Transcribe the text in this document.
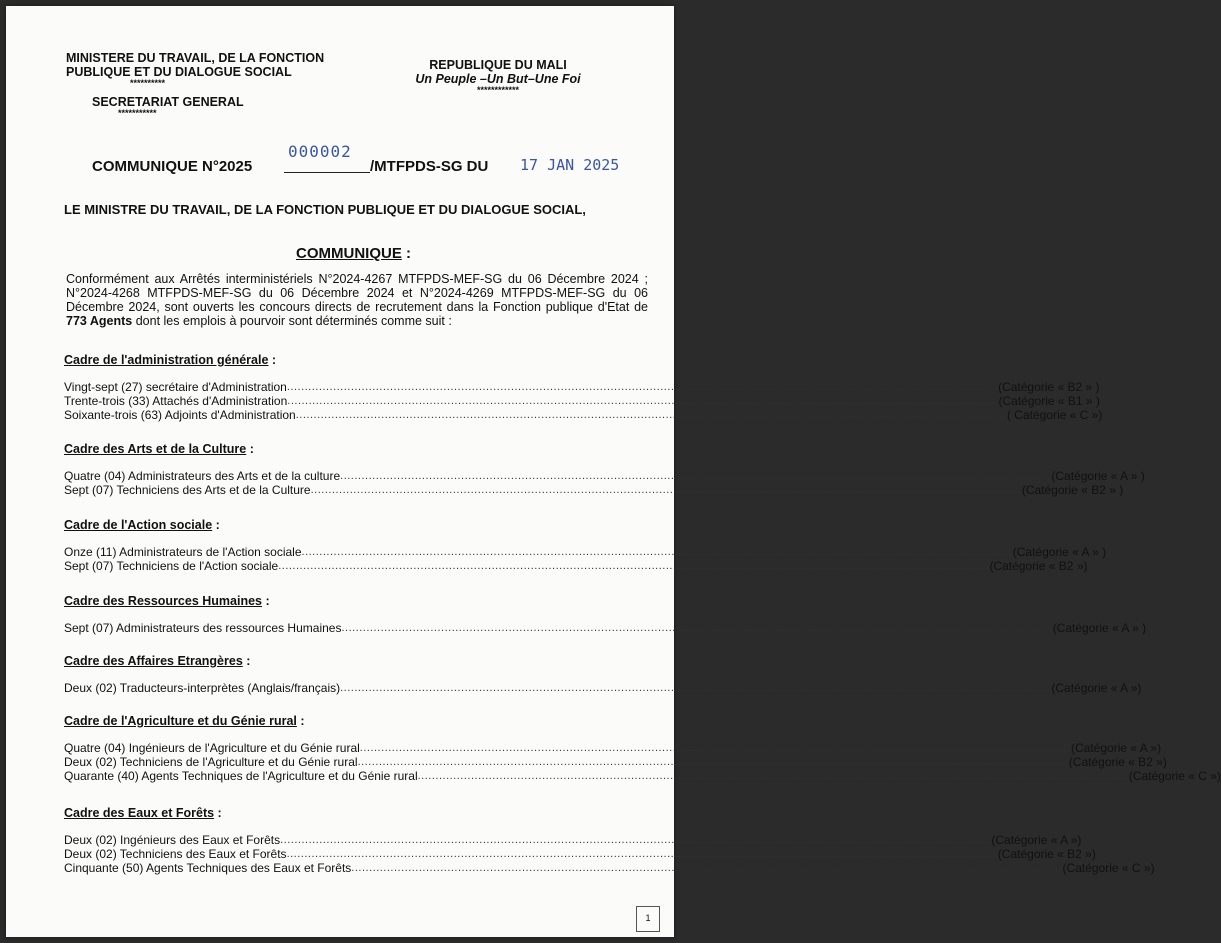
MINISTERE DU TRAVAIL, DE LA FONCTION
PUBLIQUE ET DU DIALOGUE SOCIAL
**********
SECRETARIAT GENERAL
***********
REPUBLIQUE DU MALI
Un Peuple –Un But–Une Foi
************
COMMUNIQUE N°2025
000002
/MTFPDS-SG DU 17 JAN 2025
LE MINISTRE DU TRAVAIL, DE LA FONCTION PUBLIQUE ET DU DIALOGUE SOCIAL,
COMMUNIQUE :
Conformément aux Arrêtés interministériels N°2024-4267 MTFPDS-MEF-SG du 06 Décembre 2024 ; N°2024-4268 MTFPDS-MEF-SG du 06 Décembre 2024 et N°2024-4269 MTFPDS-MEF-SG du 06 Décembre 2024, sont ouverts les concours directs de recrutement dans la Fonction publique d'Etat de 773 Agents dont les emplois à pourvoir sont déterminés comme suit :
Cadre de l'administration générale :
Vingt-sept (27) secrétaire d'Administration ........................................................................................................................................................................................................ (Catégorie « B2 » )
Trente-trois (33) Attachés d'Administration ........................................................................................................................................................................................................ (Catégorie « B1 » )
Soixante-trois (63) Adjoints d'Administration ........................................................................................................................................................................................................ ( Catégorie « C »)
Cadre des Arts et de la Culture :
Quatre (04) Administrateurs des Arts et de la culture ........................................................................................................................................................................................................ (Catégorie « A » )
Sept (07) Techniciens des Arts et de la Culture ........................................................................................................................................................................................................ (Catégorie « B2 » )
Cadre de l'Action sociale :
Onze (11) Administrateurs de l'Action sociale ........................................................................................................................................................................................................ (Catégorie « A » )
Sept (07) Techniciens de l'Action sociale ........................................................................................................................................................................................................ (Catégorie « B2 »)
Cadre des Ressources Humaines :
Sept (07) Administrateurs des ressources Humaines ........................................................................................................................................................................................................ (Catégorie « A » )
Cadre des Affaires Etrangères :
Deux (02) Traducteurs-interprètes (Anglais/français) ........................................................................................................................................................................................................ (Catégorie « A »)
Cadre de l'Agriculture et du Génie rural :
Quatre (04) Ingénieurs de l'Agriculture et du Génie rural ........................................................................................................................................................................................................ (Catégorie « A »)
Deux (02) Techniciens de l'Agriculture et du Génie rural ........................................................................................................................................................................................................ (Catégorie « B2 »)
Quarante (40) Agents Techniques de l'Agriculture et du Génie rural ........................................................................................................................................................................................................ (Catégorie « C »)
Cadre des Eaux et Forêts :
Deux (02) Ingénieurs des Eaux et Forêts ........................................................................................................................................................................................................ (Catégorie « A »)
Deux (02) Techniciens des Eaux et Forêts ........................................................................................................................................................................................................ (Catégorie « B2 »)
Cinquante (50) Agents Techniques des Eaux et Forêts ........................................................................................................................................................................................................ (Catégorie « C »)
1
